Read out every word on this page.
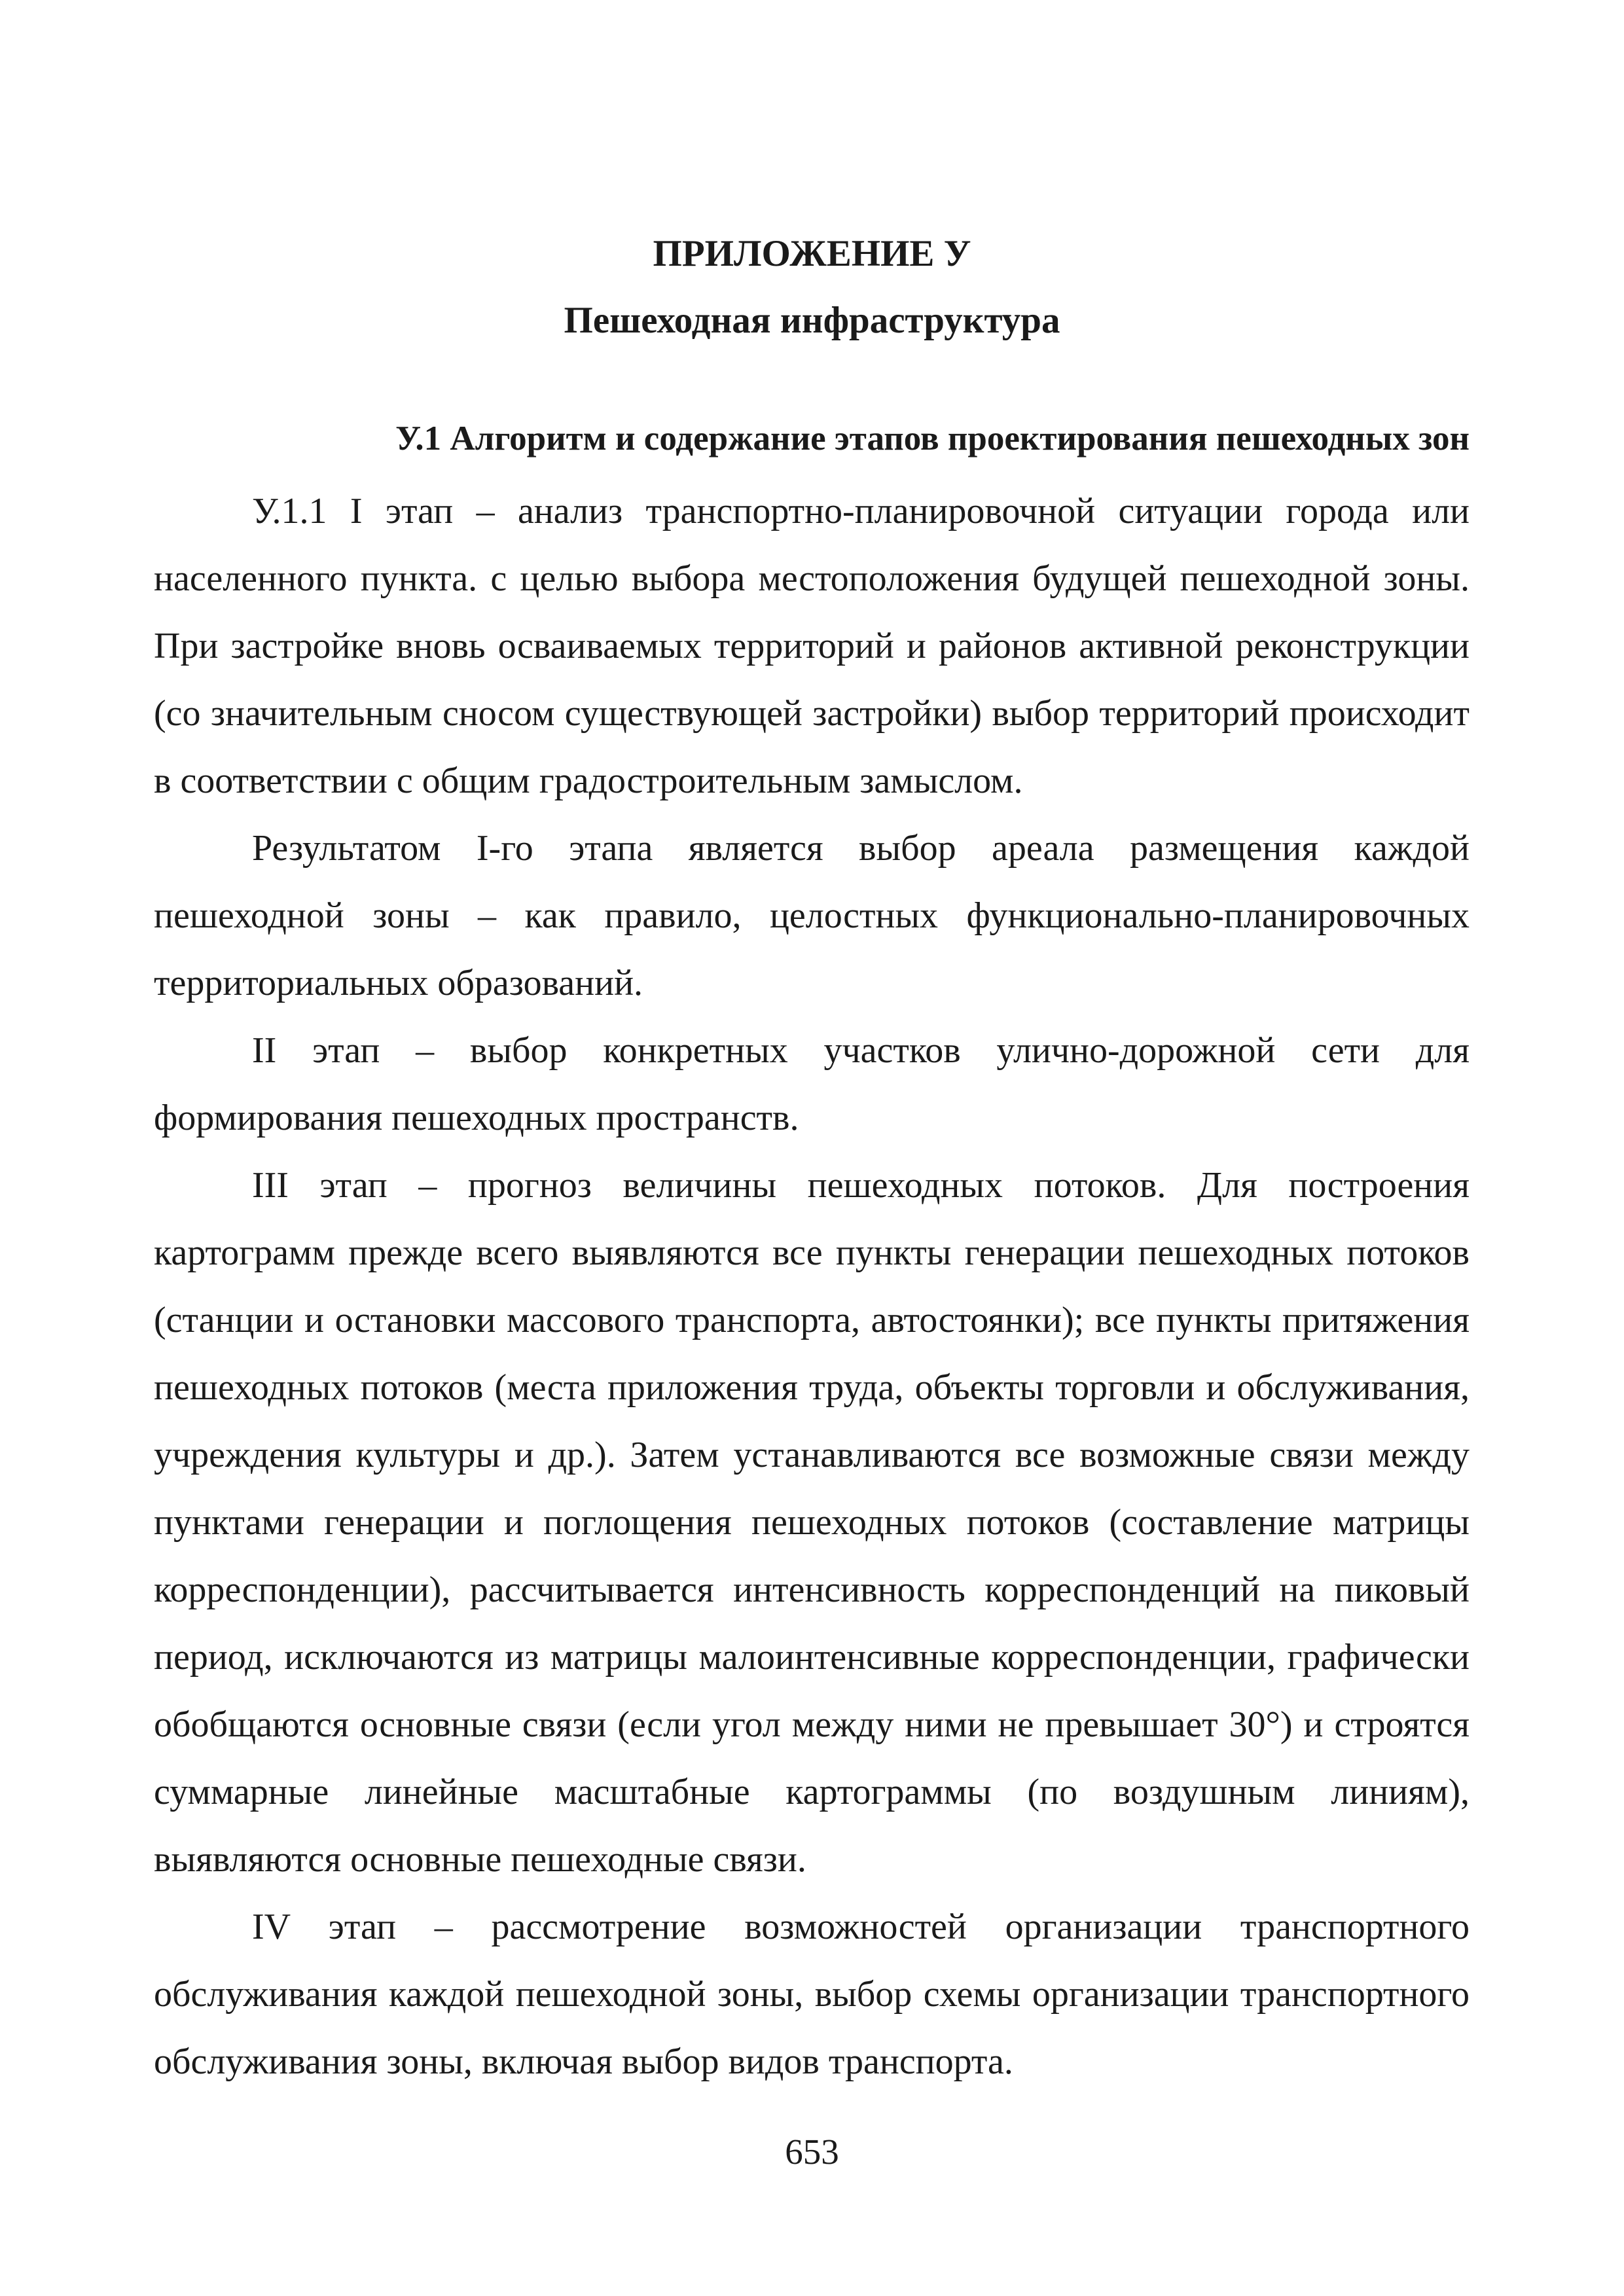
ПРИЛОЖЕНИЕ У
Пешеходная инфраструктура
У.1 Алгоритм и содержание этапов проектирования пешеходных зон

У.1.1 I этап – анализ транспортно-планировочной ситуации города или населенного пункта. с целью выбора местоположения будущей пешеходной зоны. При застройке вновь осваиваемых территорий и районов активной реконструкции (со значительным сносом существующей застройки) выбор территорий происходит в соответствии с общим градостроительным замыслом.

Результатом I-го этапа является выбор ареала размещения каждой пешеходной зоны – как правило, целостных функционально-планировочных территориальных образований.

II этап – выбор конкретных участков улично-дорожной сети для формирования пешеходных пространств.

III этап – прогноз величины пешеходных потоков. Для построения картограмм прежде всего выявляются все пункты генерации пешеходных потоков (станции и остановки массового транспорта, автостоянки); все пункты притяжения пешеходных потоков (места приложения труда, объекты торговли и обслуживания, учреждения культуры и др.). Затем устанавливаются все возможные связи между пунктами генерации и поглощения пешеходных потоков (составление матрицы корреспонденции), рассчитывается интенсивность корреспонденций на пиковый период, исключаются из матрицы малоинтенсивные корреспонденции, графически обобщаются основные связи (если угол между ними не превышает 30°) и строятся суммарные линейные масштабные картограммы (по воздушным линиям), выявляются основные пешеходные связи.

IV этап – рассмотрение возможностей организации транспортного обслуживания каждой пешеходной зоны, выбор схемы организации транспортного обслуживания зоны, включая выбор видов транспорта.

653
